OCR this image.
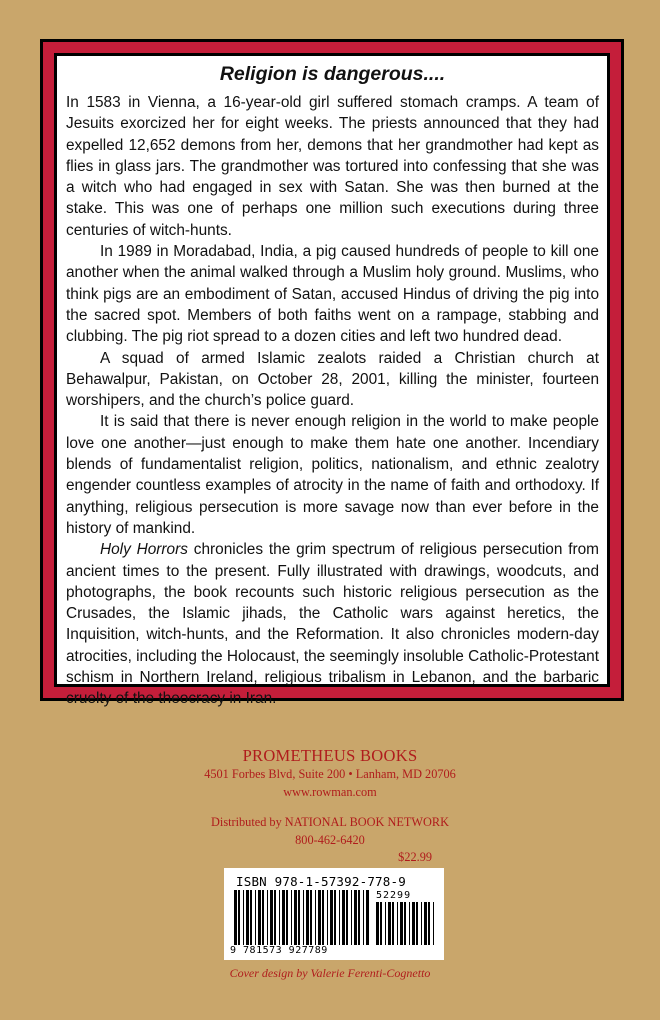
Religion is dangerous....

In 1583 in Vienna, a 16-year-old girl suffered stomach cramps. A team of Jesuits exorcized her for eight weeks. The priests announced that they had expelled 12,652 demons from her, demons that her grandmother had kept as flies in glass jars. The grandmother was tortured into confessing that she was a witch who had engaged in sex with Satan. She was then burned at the stake. This was one of perhaps one million such executions during three centuries of witch-hunts.

In 1989 in Moradabad, India, a pig caused hundreds of people to kill one another when the animal walked through a Muslim holy ground. Muslims, who think pigs are an embodiment of Satan, accused Hindus of driving the pig into the sacred spot. Members of both faiths went on a rampage, stabbing and clubbing. The pig riot spread to a dozen cities and left two hundred dead.

A squad of armed Islamic zealots raided a Christian church at Behawalpur, Pakistan, on October 28, 2001, killing the minister, fourteen worshipers, and the church’s police guard.

It is said that there is never enough religion in the world to make people love one another—just enough to make them hate one another. Incendiary blends of fundamentalist religion, politics, nationalism, and ethnic zealotry engender countless examples of atrocity in the name of faith and orthodoxy. If anything, religious persecution is more savage now than ever before in the history of mankind.

Holy Horrors chronicles the grim spectrum of religious persecution from ancient times to the present. Fully illustrated with drawings, woodcuts, and photographs, the book recounts such historic religious persecution as the Crusades, the Islamic jihads, the Catholic wars against heretics, the Inquisition, witch-hunts, and the Reformation. It also chronicles modern-day atrocities, including the Holocaust, the seemingly insoluble Catholic-Protestant schism in Northern Ireland, religious tribalism in Lebanon, and the barbaric cruelty of the theocracy in Iran.

PROMETHEUS BOOKS
4501 Forbes Blvd, Suite 200 • Lanham, MD 20706
www.rowman.com
Distributed by NATIONAL BOOK NETWORK
800-462-6420
$22.99
ISBN 978-1-57392-778-9
52299
9 781573 927789
Cover design by Valerie Ferenti-Cognetto
